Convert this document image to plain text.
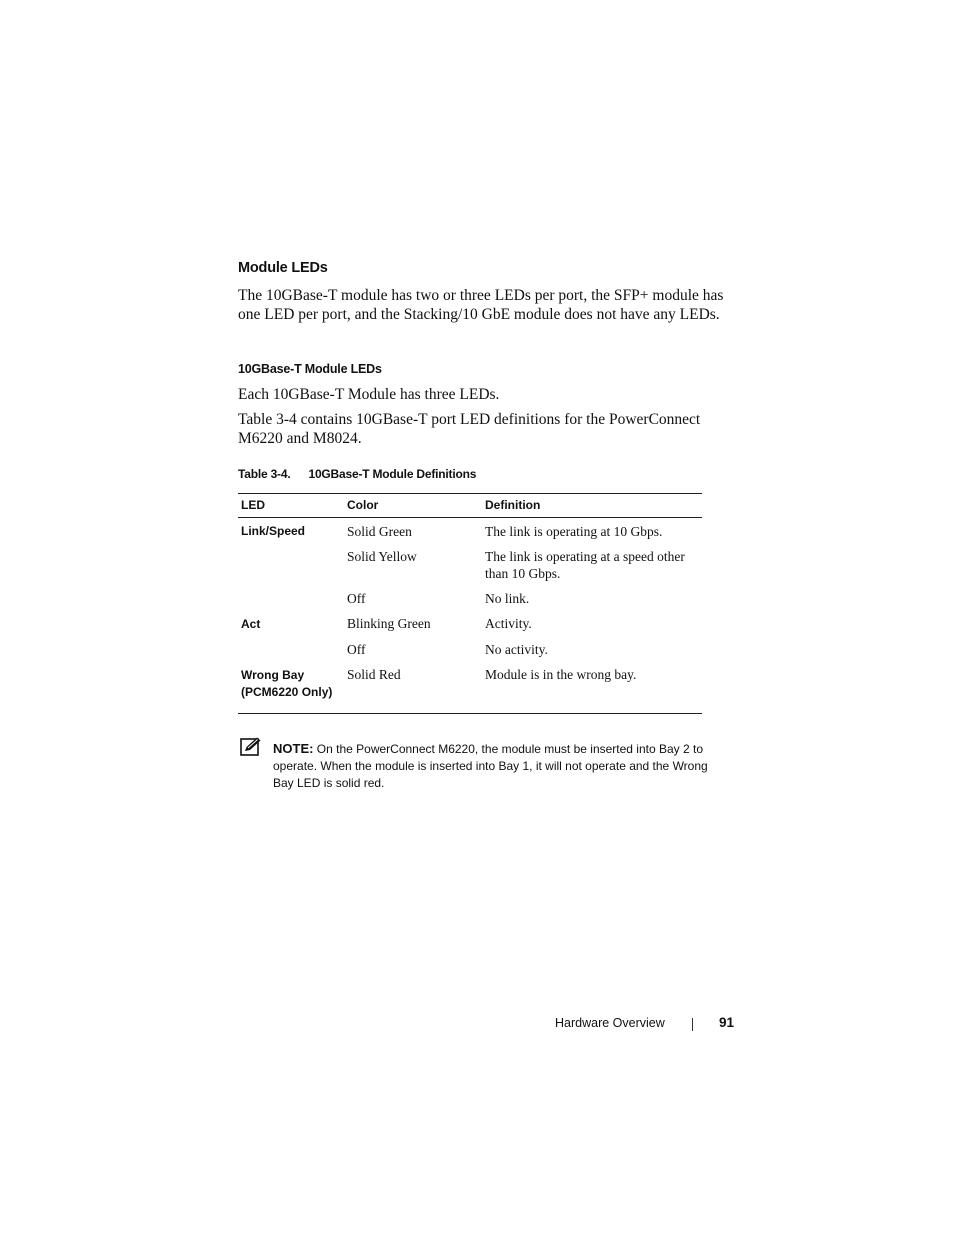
Module LEDs

The 10GBase-T module has two or three LEDs per port, the SFP+ module has one LED per port, and the Stacking/10 GbE module does not have any LEDs.

10GBase-T Module LEDs

Each 10GBase-T Module has three LEDs.

Table 3-4 contains 10GBase-T port LED definitions for the PowerConnect M6220 and M8024.

Table 3-4. 10GBase-T Module Definitions
LED	Color	Definition
Link/Speed	Solid Green	The link is operating at 10 Gbps.
	Solid Yellow	The link is operating at a speed other than 10 Gbps.
	Off	No link.
Act	Blinking Green	Activity.
	Off	No activity.
Wrong Bay
(PCM6220 Only)	Solid Red	Module is in the wrong bay.

NOTE: On the PowerConnect M6220, the module must be inserted into Bay 2 to operate. When the module is inserted into Bay 1, it will not operate and the Wrong Bay LED is solid red.

Hardware Overview	91
